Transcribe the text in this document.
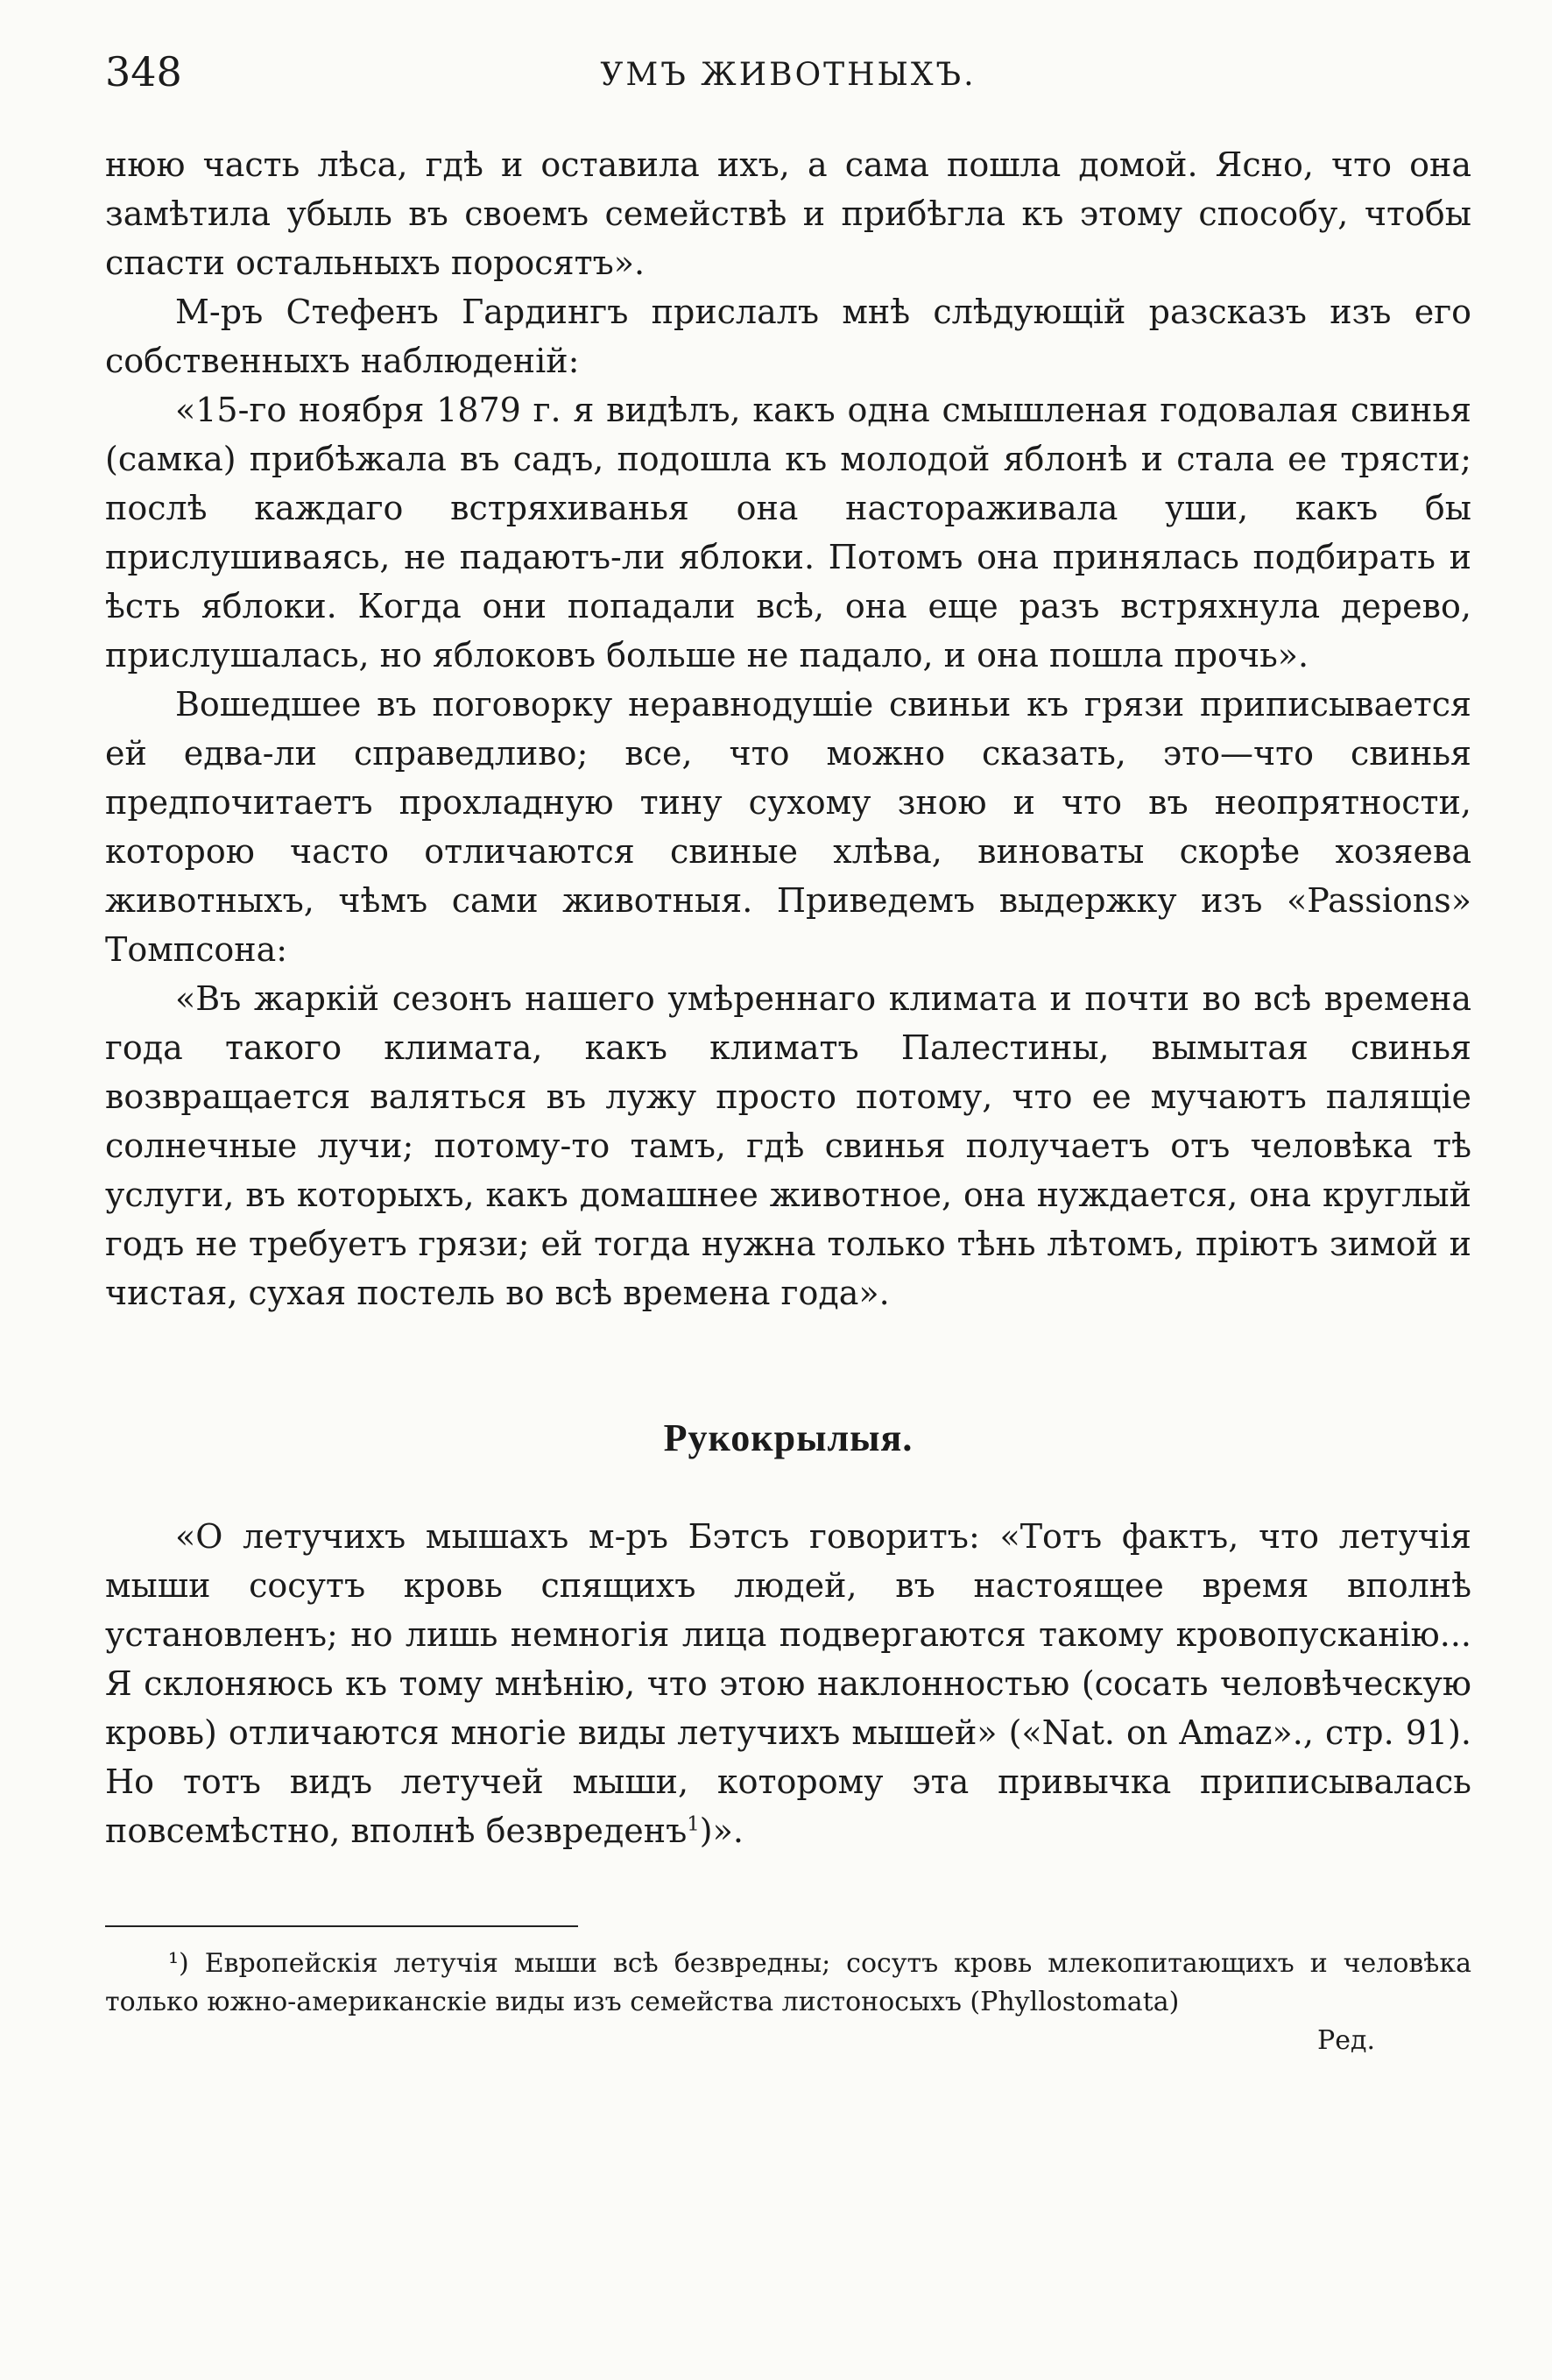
348	УМЪ ЖИВОТНЫХЪ.

нюю часть лѣса, гдѣ и оставила ихъ, а сама пошла домой. Ясно, что она замѣтила убыль въ своемъ семействѣ и прибѣгла къ этому способу, чтобы спасти остальныхъ поросятъ».

М-ръ Стефенъ Гардингъ прислалъ мнѣ слѣдующій разсказъ изъ его собственныхъ наблюденій:

«15-го ноября 1879 г. я видѣлъ, какъ одна смышленая годовалая свинья (самка) прибѣжала въ садъ, подошла къ молодой яблонѣ и стала ее трясти; послѣ каждаго встряхиванья она настораживала уши, какъ бы прислушиваясь, не падаютъ-ли яблоки. Потомъ она принялась подбирать и ѣсть яблоки. Когда они попадали всѣ, она еще разъ встряхнула дерево, прислушалась, но яблоковъ больше не падало, и она пошла прочь».

Вошедшее въ поговорку неравнодушіе свиньи къ грязи приписывается ей едва-ли справедливо; все, что можно сказать, это—что свинья предпочитаетъ прохладную тину сухому зною и что въ неопрятности, которою часто отличаются свиные хлѣва, виноваты скорѣе хозяева животныхъ, чѣмъ сами животныя. Приведемъ выдержку изъ «Passions» Томпсона:

«Въ жаркій сезонъ нашего умѣреннаго климата и почти во всѣ времена года такого климата, какъ климатъ Палестины, вымытая свинья возвращается валяться въ лужу просто потому, что ее мучаютъ палящіе солнечные лучи; потому-то тамъ, гдѣ свинья получаетъ отъ человѣка тѣ услуги, въ которыхъ, какъ домашнее животное, она нуждается, она круглый годъ не требуетъ грязи; ей тогда нужна только тѣнь лѣтомъ, пріютъ зимой и чистая, сухая постель во всѣ времена года».

Рукокрылыя.

«О летучихъ мышахъ м-ръ Бэтсъ говоритъ: «Тотъ фактъ, что летучія мыши сосутъ кровь спящихъ людей, въ настоящее время вполнѣ установленъ; но лишь немногія лица подвергаются такому кровопусканію... Я склоняюсь къ тому мнѣнію, что этою наклонностью (сосать человѣческую кровь) отличаются многіе виды летучихъ мышей» («Nat. on Amaz»., стр. 91). Но тотъ видъ летучей мыши, которому эта привычка приписывалась повсемѣстно, вполнѣ безвреденъ$^1$)».

¹) Европейскія летучія мыши всѣ безвредны; сосутъ кровь млекопитающихъ и человѣка только южно-американскіе виды изъ семейства листоносыхъ (Phyllostomata)
Ред.
